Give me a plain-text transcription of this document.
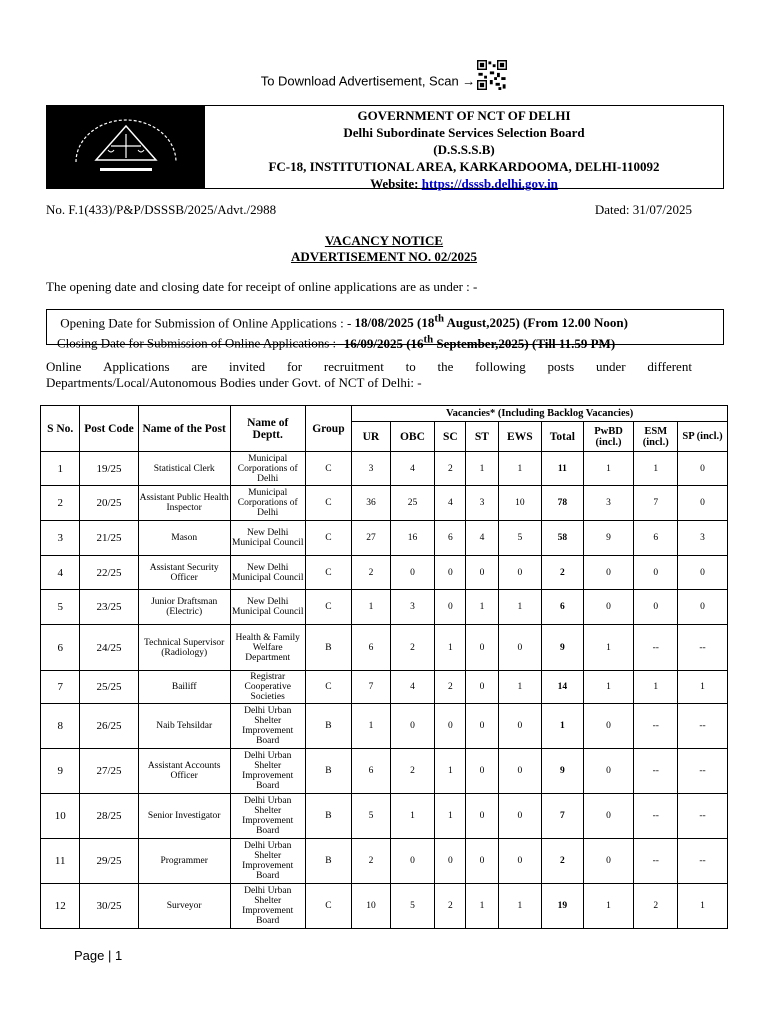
To Download Advertisement, Scan →
GOVERNMENT OF NCT OF DELHI
Delhi Subordinate Services Selection Board
(D.S.S.S.B)
FC-18, INSTITUTIONAL AREA, KARKARDOOMA, DELHI-110092
Website: https://dsssb.delhi.gov.in
No. F.1(433)/P&P/DSSSB/2025/Advt./2988	Dated: 31/07/2025
VACANCY NOTICE
ADVERTISEMENT NO. 02/2025
The opening date and closing date for receipt of online applications are as under : -
Opening Date for Submission of Online Applications : - 18/08/2025 (18th August,2025) (From 12.00 Noon)
Closing Date for Submission of Online Applications :- 16/09/2025 (16th September,2025) (Till 11.59 PM)
Online Applications are invited for recruitment to the following posts under different
Departments/Local/Autonomous Bodies under Govt. of NCT of Delhi: -
S No.	Post Code	Name of the Post	Name of Deptt.	Group	Vacancies* (Including Backlog Vacancies)								
					UR	OBC	SC	ST	EWS	Total	PwBD (incl.)	ESM (incl.)	SP (incl.)
1	19/25	Statistical Clerk	Municipal Corporations of Delhi	C	3	4	2	1	1	11	1	1	0
2	20/25	Assistant Public Health Inspector	Municipal Corporations of Delhi	C	36	25	4	3	10	78	3	7	0
3	21/25	Mason	New Delhi Municipal Council	C	27	16	6	4	5	58	9	6	3
4	22/25	Assistant Security Officer	New Delhi Municipal Council	C	2	0	0	0	0	2	0	0	0
5	23/25	Junior Draftsman (Electric)	New Delhi Municipal Council	C	1	3	0	1	1	6	0	0	0
6	24/25	Technical Supervisor (Radiology)	Health & Family Welfare Department	B	6	2	1	0	0	9	1	--	--
7	25/25	Bailiff	Registrar Cooperative Societies	C	7	4	2	0	1	14	1	1	1
8	26/25	Naib Tehsildar	Delhi Urban Shelter Improvement Board	B	1	0	0	0	0	1	0	--	--
9	27/25	Assistant Accounts Officer	Delhi Urban Shelter Improvement Board	B	6	2	1	0	0	9	0	--	--
10	28/25	Senior Investigator	Delhi Urban Shelter Improvement Board	B	5	1	1	0	0	7	0	--	--
11	29/25	Programmer	Delhi Urban Shelter Improvement Board	B	2	0	0	0	0	2	0	--	--
12	30/25	Surveyor	Delhi Urban Shelter Improvement Board	C	10	5	2	1	1	19	1	2	1
Page | 1
